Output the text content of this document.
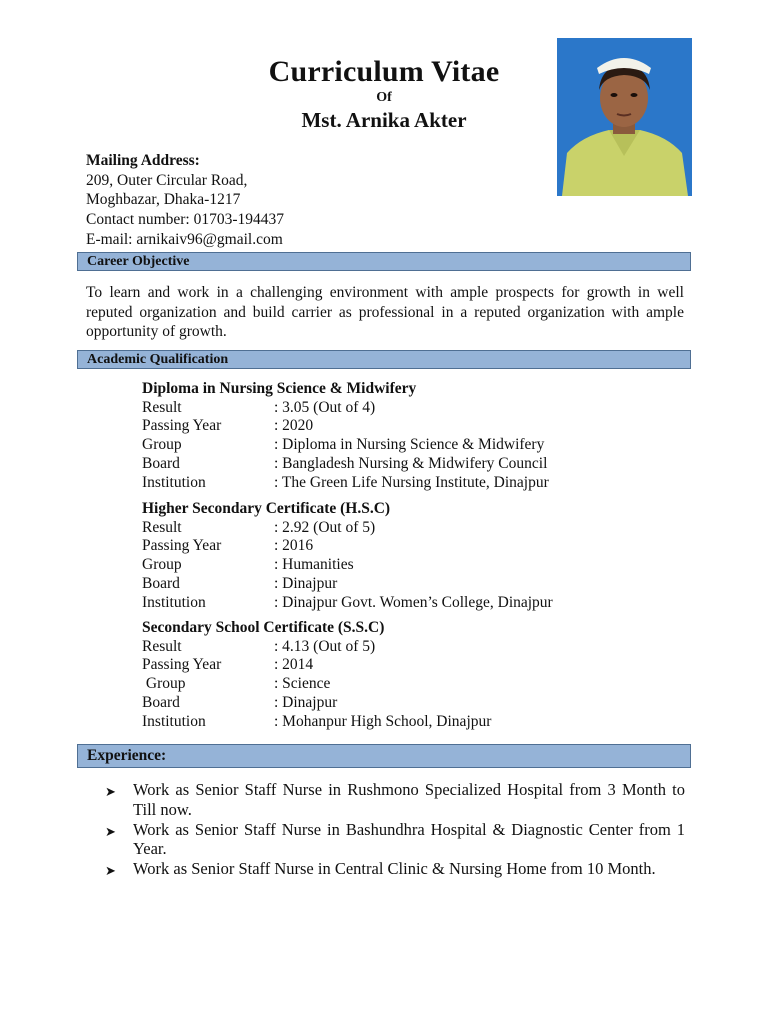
Curriculum Vitae
Of
Mst. Arnika Akter
Mailing Address:
209, Outer Circular Road,
Moghbazar, Dhaka-1217
Contact number: 01703-194437
E-mail: arnikaiv96@gmail.com
Career Objective
To learn and work in a challenging environment with ample prospects for growth in well reputed organization and build carrier as professional in a reputed organization with ample opportunity of growth.
Academic Qualification
Diploma in Nursing Science & Midwifery
Result	: 3.05 (Out of 4)
Passing Year	: 2020
Group	: Diploma in Nursing Science & Midwifery
Board	: Bangladesh Nursing & Midwifery Council
Institution	: The Green Life Nursing Institute, Dinajpur
Higher Secondary Certificate (H.S.C)
Result	: 2.92 (Out of 5)
Passing Year	: 2016
Group	: Humanities
Board	: Dinajpur
Institution	: Dinajpur Govt. Women’s College, Dinajpur
Secondary School Certificate (S.S.C)
Result	: 4.13 (Out of 5)
Passing Year	: 2014
Group	: Science
Board	: Dinajpur
Institution	: Mohanpur High School, Dinajpur
Experience:
➤	Work as Senior Staff Nurse in Rushmono Specialized Hospital from 3 Month to Till now.
➤	Work as Senior Staff Nurse in Bashundhra Hospital & Diagnostic Center from 1 Year.
➤	Work as Senior Staff Nurse in Central Clinic & Nursing Home from 10 Month.
